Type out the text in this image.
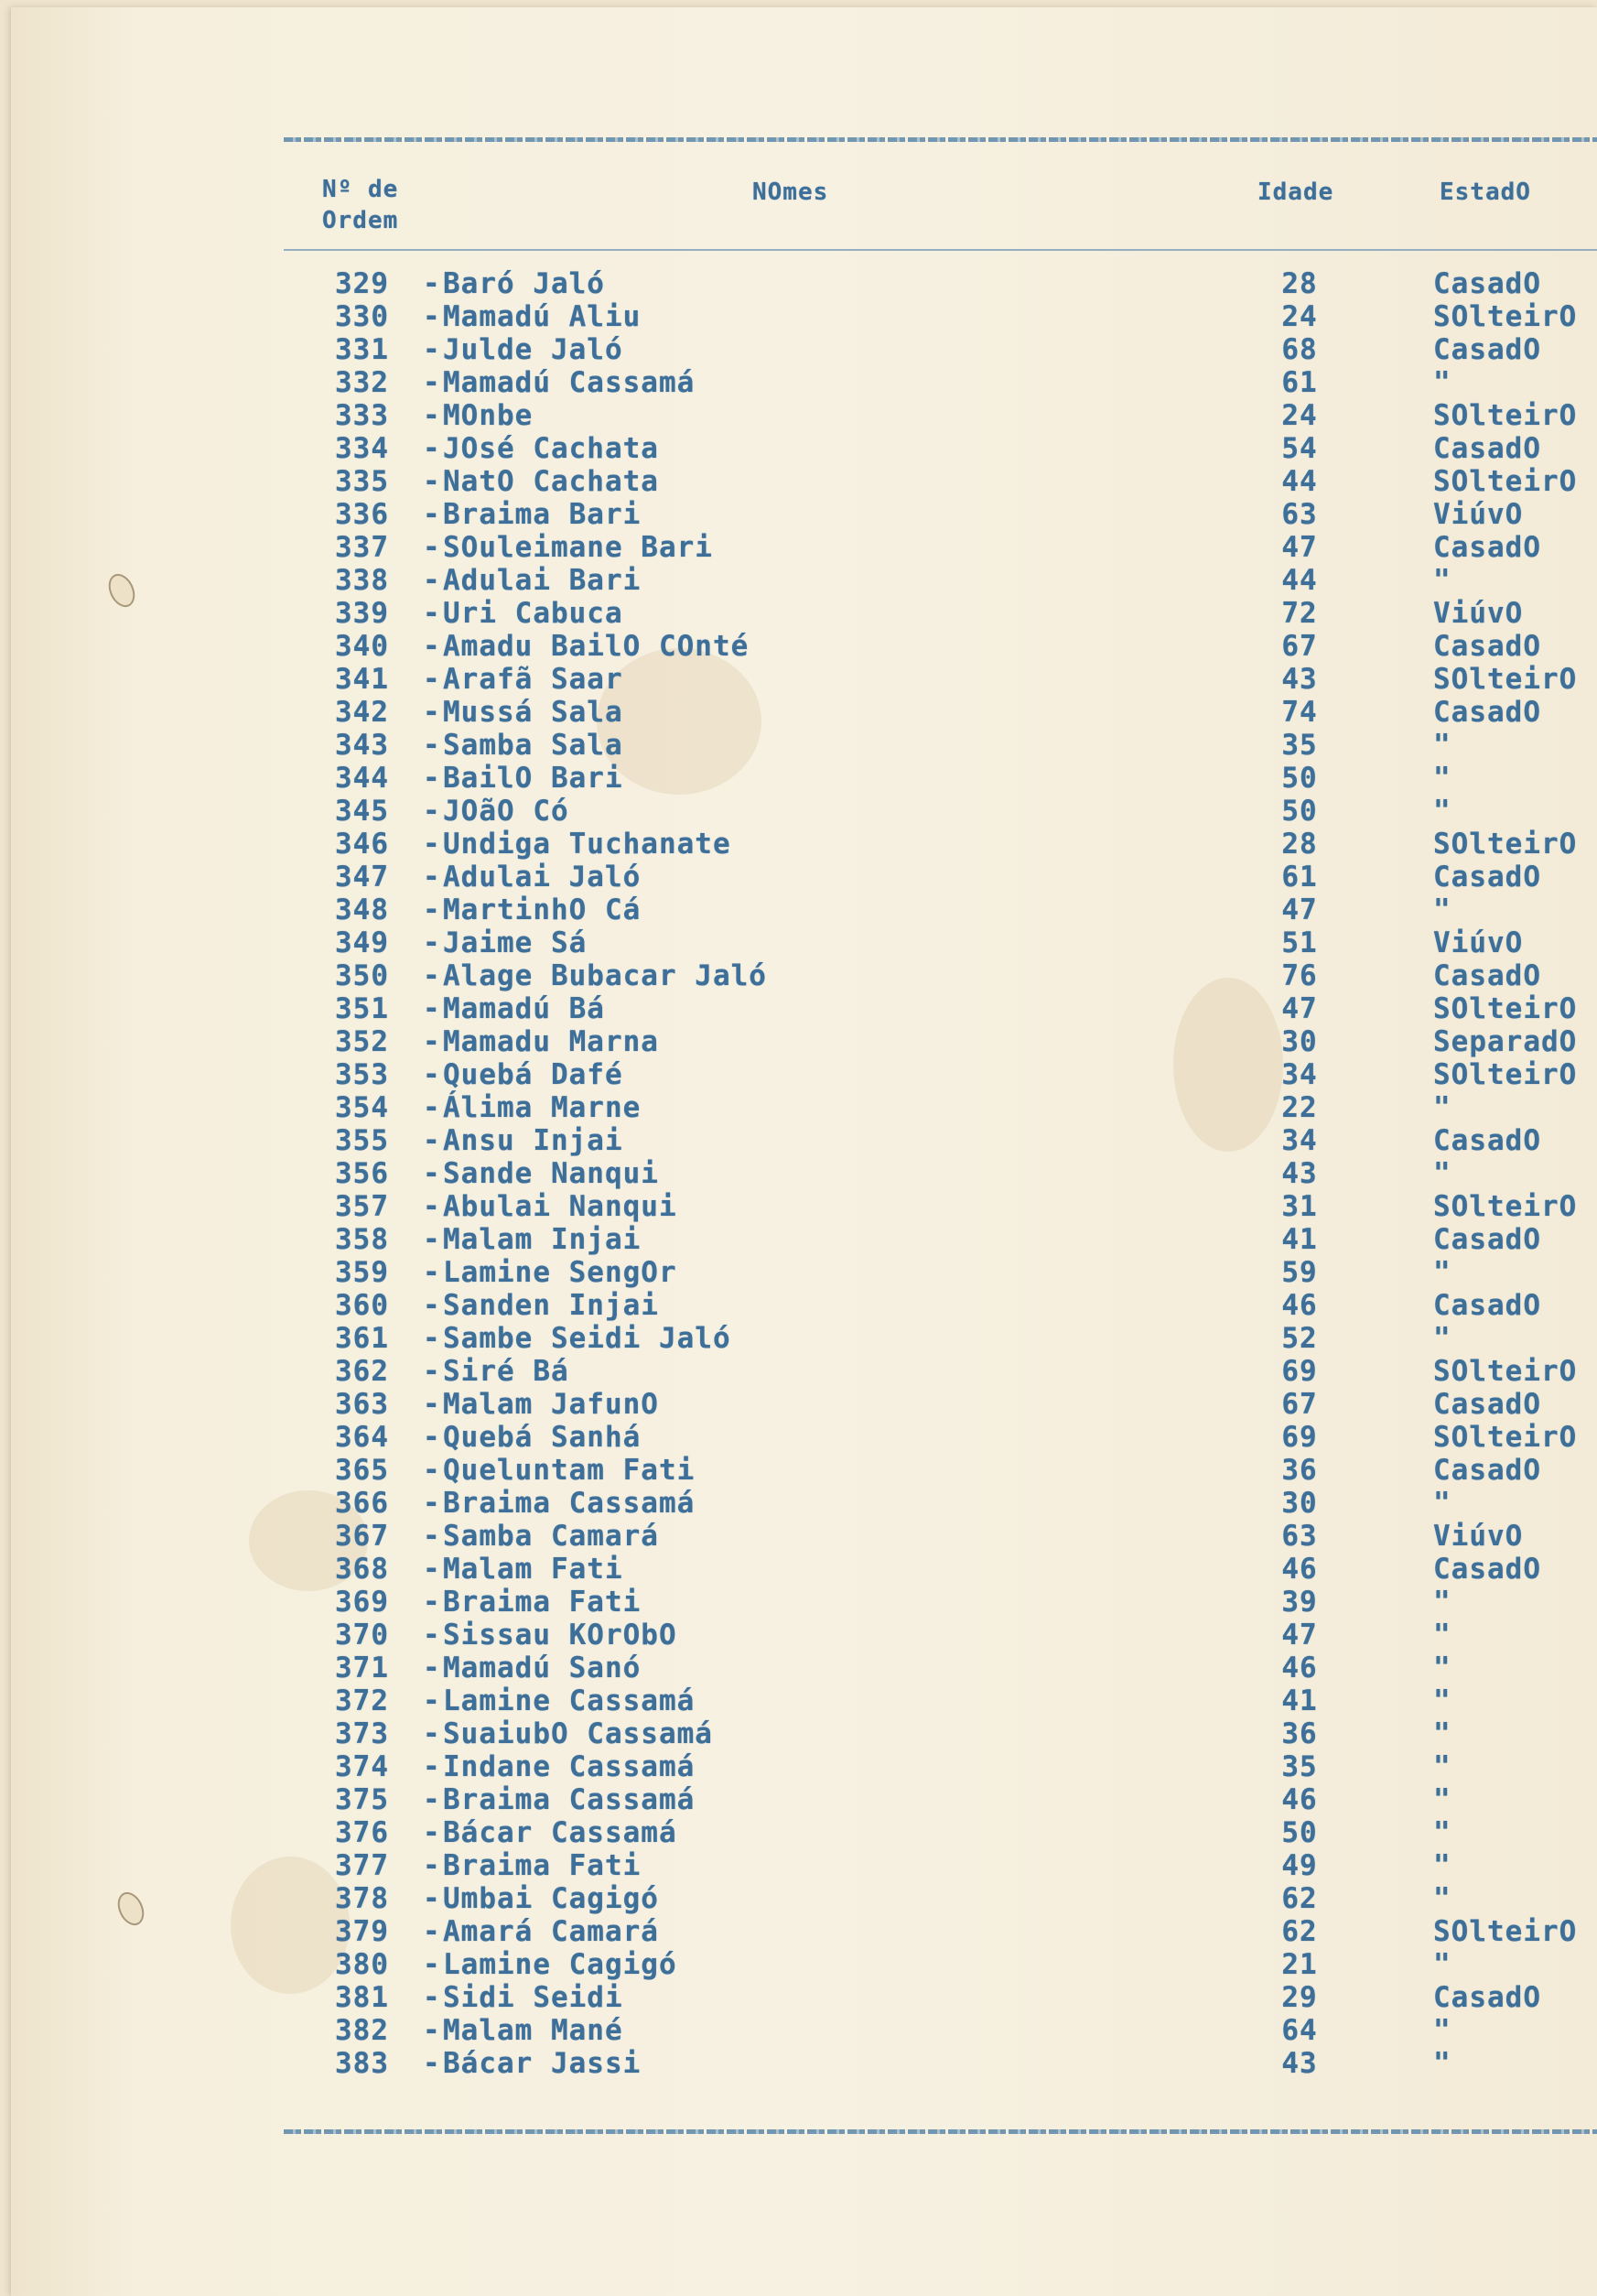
Nº de
Ordem
NOmes	Idade	EstadO
329 - Baró Jaló	28	CasadO
330 - Mamadú Aliu	24	SOlteirO
331 - Julde Jaló	68	CasadO
332 - Mamadú Cassamá	61	"
333 - MOnbe	24	SOlteirO
334 - JOsé Cachata	54	CasadO
335 - NatO Cachata	44	SOlteirO
336 - Braima Bari	63	ViúvO
337 - SOuleimane Bari	47	CasadO
338 - Adulai Bari	44	"
339 - Uri Cabuca	72	ViúvO
340 - Amadu BailO COnté	67	CasadO
341 - Arafã Saar	43	SOlteirO
342 - Mussá Sala	74	CasadO
343 - Samba Sala	35	"
344 - BailO Bari	50	"
345 - JOãO Có	50	"
346 - Undiga Tuchanate	28	SOlteirO
347 - Adulai Jaló	61	CasadO
348 - MartinhO Cá	47	"
349 - Jaime Sá	51	ViúvO
350 - Alage Bubacar Jaló	76	CasadO
351 - Mamadú Bá	47	SOlteirO
352 - Mamadu Marna	30	SeparadO
353 - Quebá Dafé	34	SOlteirO
354 - Álima Marne	22	"
355 - Ansu Injai	34	CasadO
356 - Sande Nanqui	43	"
357 - Abulai Nanqui	31	SOlteirO
358 - Malam Injai	41	CasadO
359 - Lamine SengOr	59	"
360 - Sanden Injai	46	CasadO
361 - Sambe Seidi Jaló	52	"
362 - Siré Bá	69	SOlteirO
363 - Malam JafunO	67	CasadO
364 - Quebá Sanhá	69	SOlteirO
365 - Queluntam Fati	36	CasadO
366 - Braima Cassamá	30	"
367 - Samba Camará	63	ViúvO
368 - Malam Fati	46	CasadO
369 - Braima Fati	39	"
370 - Sissau KOrObO	47	"
371 - Mamadú Sanó	46	"
372 - Lamine Cassamá	41	"
373 - SuaiubO Cassamá	36	"
374 - Indane Cassamá	35	"
375 - Braima Cassamá	46	"
376 - Bácar Cassamá	50	"
377 - Braima Fati	49	"
378 - Umbai Cagigó	62	"
379 - Amará Camará	62	SOlteirO
380 - Lamine Cagigó	21	"
381 - Sidi Seidi	29	CasadO
382 - Malam Mané	64	"
383 - Bácar Jassi	43	"
